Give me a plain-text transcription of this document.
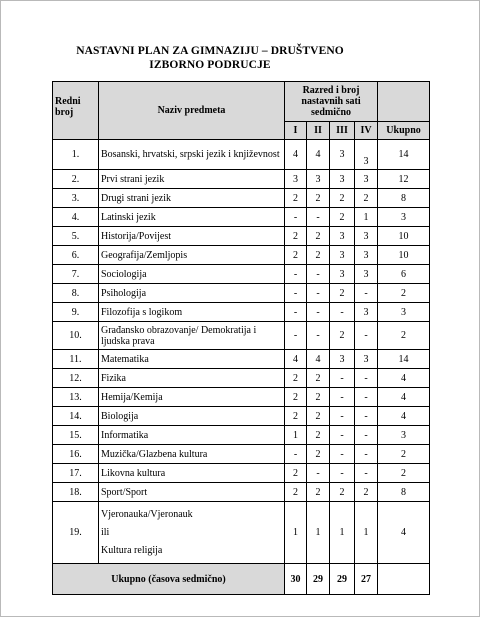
NASTAVNI PLAN ZA GIMNAZIJU – DRUŠTVENO
IZBORNO PODRUCJE
Redni broj	Naziv predmeta	Razred i broj nastavnih sati sedmično				
		I	II	III	IV	Ukupno
1.	Bosanski, hrvatski, srpski jezik i književnost	4	4	3	3	14
2.	Prvi strani jezik	3	3	3	3	12
3.	Drugi strani jezik	2	2	2	2	8
4.	Latinski jezik	-	-	2	1	3
5.	Historija/Povijest	2	2	3	3	10
6.	Geografija/Zemljopis	2	2	3	3	10
7.	Sociologija	-	-	3	3	6
8.	Psihologija	-	-	2	-	2
9.	Filozofija s logikom	-	-	-	3	3
10.	Građansko obrazovanje/ Demokratija i ljudska prava	-	-	2	-	2
11.	Matematika	4	4	3	3	14
12.	Fizika	2	2	-	-	4
13.	Hemija/Kemija	2	2	-	-	4
14.	Biologija	2	2	-	-	4
15.	Informatika	1	2	-	-	3
16.	Muzička/Glazbena kultura	-	2	-	-	2
17.	Likovna kultura	2	-	-	-	2
18.	Sport/Sport	2	2	2	2	8
19.	Vjeronauka/Vjeronauk
ili
Kultura religija	1	1	1	1	4
Ukupno (časova sedmično)		30	29	29	27	
